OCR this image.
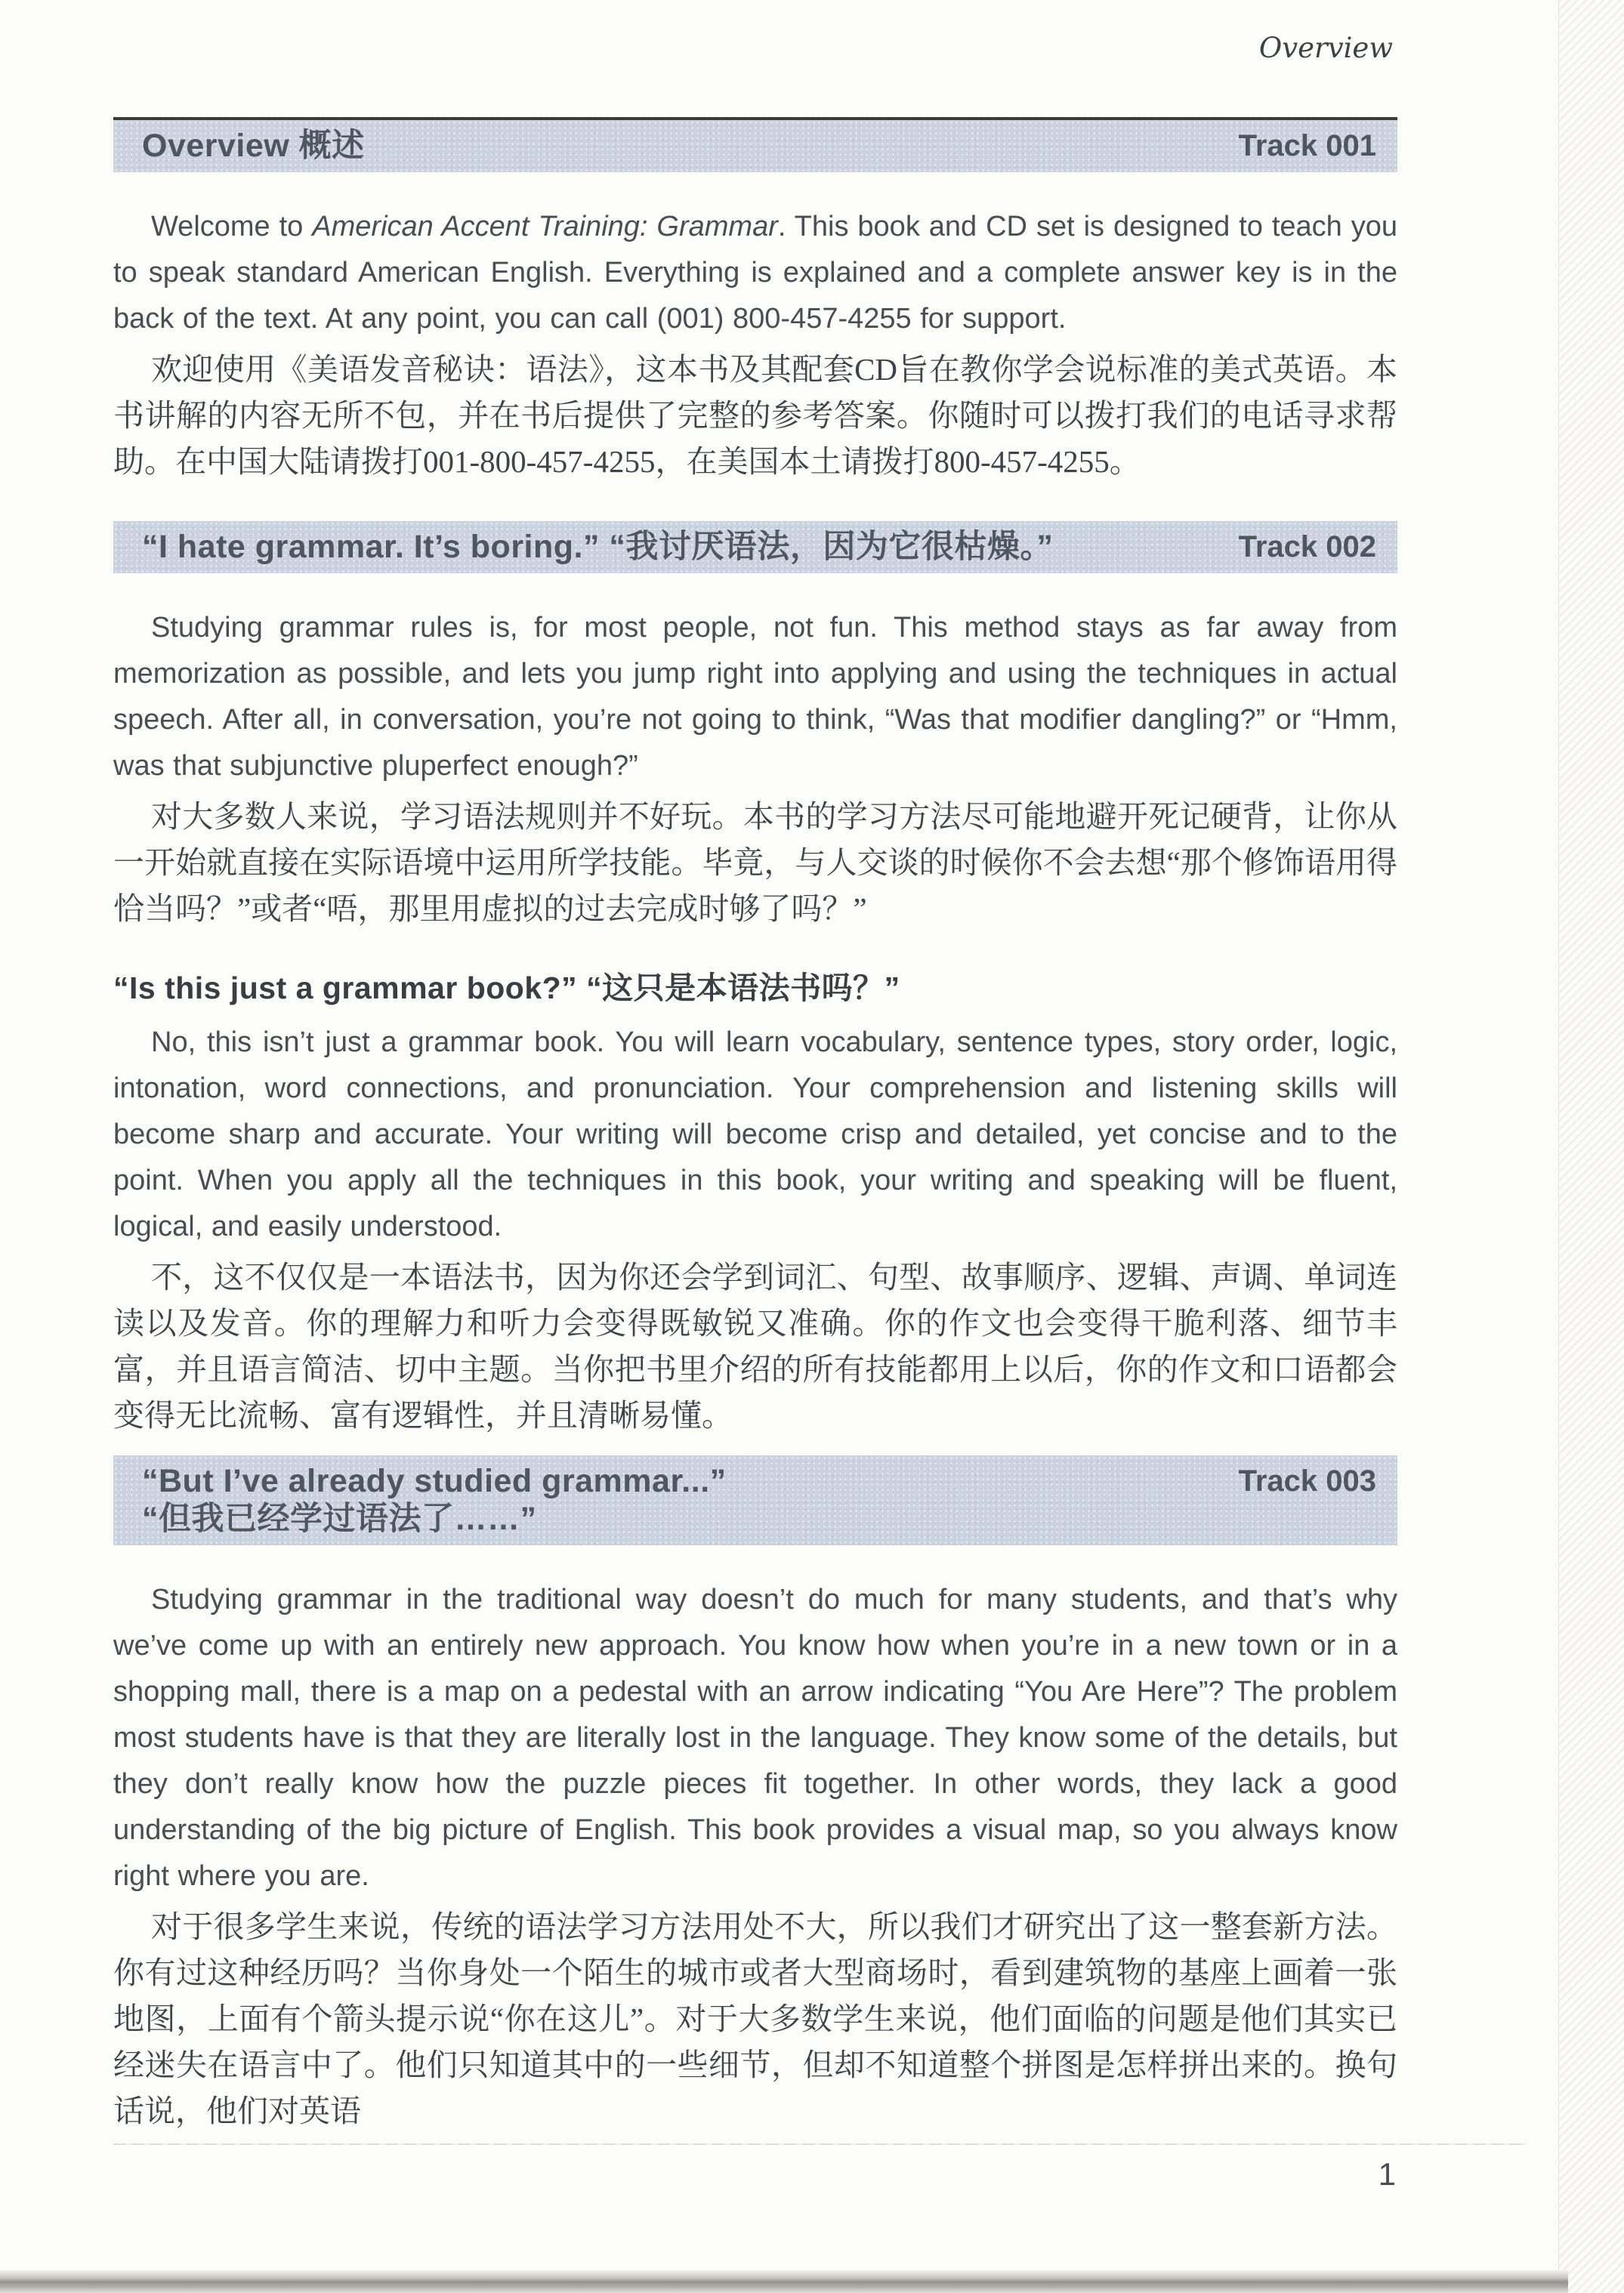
Overview
Overview 概述	Track 001

Welcome to American Accent Training: Grammar. This book and CD set is designed to teach you to speak standard American English. Everything is explained and a complete answer key is in the back of the text. At any point, you can call (001) 800-457-4255 for support.

欢迎使用《美语发音秘诀：语法》，这本书及其配套CD旨在教你学会说标准的美式英语。本书讲解的内容无所不包，并在书后提供了完整的参考答案。你随时可以拨打我们的电话寻求帮助。在中国大陆请拨打001-800-457-4255，在美国本土请拨打800-457-4255。

“I hate grammar. It’s boring.” “我讨厌语法，因为它很枯燥。”	Track 002

Studying grammar rules is, for most people, not fun. This method stays as far away from memorization as possible, and lets you jump right into applying and using the techniques in actual speech. After all, in conversation, you’re not going to think, “Was that modifier dangling?” or “Hmm, was that subjunctive pluperfect enough?”

对大多数人来说，学习语法规则并不好玩。本书的学习方法尽可能地避开死记硬背，让你从一开始就直接在实际语境中运用所学技能。毕竟，与人交谈的时候你不会去想“那个修饰语用得恰当吗？”或者“唔，那里用虚拟的过去完成时够了吗？”

“Is this just a grammar book?” “这只是本语法书吗？”

No, this isn’t just a grammar book. You will learn vocabulary, sentence types, story order, logic, intonation, word connections, and pronunciation. Your comprehension and listening skills will become sharp and accurate. Your writing will become crisp and detailed, yet concise and to the point. When you apply all the techniques in this book, your writing and speaking will be fluent, logical, and easily understood.

不，这不仅仅是一本语法书，因为你还会学到词汇、句型、故事顺序、逻辑、声调、单词连读以及发音。你的理解力和听力会变得既敏锐又准确。你的作文也会变得干脆利落、细节丰富，并且语言简洁、切中主题。当你把书里介绍的所有技能都用上以后，你的作文和口语都会变得无比流畅、富有逻辑性，并且清晰易懂。

“But I’ve already studied grammar...”
“但我已经学过语法了……”
Track 003

Studying grammar in the traditional way doesn’t do much for many students, and that’s why we’ve come up with an entirely new approach. You know how when you’re in a new town or in a shopping mall, there is a map on a pedestal with an arrow indicating “You Are Here”? The problem most students have is that they are literally lost in the language. They know some of the details, but they don’t really know how the puzzle pieces fit together. In other words, they lack a good understanding of the big picture of English. This book provides a visual map, so you always know right where you are.

对于很多学生来说，传统的语法学习方法用处不大，所以我们才研究出了这一整套新方法。你有过这种经历吗？当你身处一个陌生的城市或者大型商场时，看到建筑物的基座上画着一张地图，上面有个箭头提示说“你在这儿”。对于大多数学生来说，他们面临的问题是他们其实已经迷失在语言中了。他们只知道其中的一些细节，但却不知道整个拼图是怎样拼出来的。换句话说，他们对英语

1
